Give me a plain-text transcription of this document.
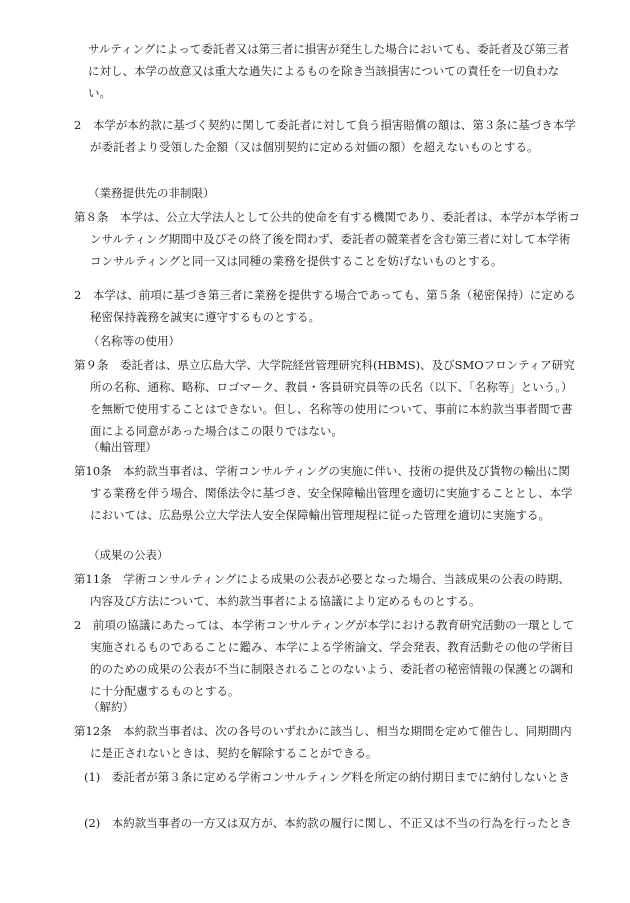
サルティングによって委託者又は第三者に損害が発生した場合においても、委託者及び第三者に対し、本学の故意又は重大な過失によるものを除き当該損害についての責任を一切負わない。
2　本学が本約款に基づく契約に関して委託者に対して負う損害賠償の額は、第３条に基づき本学が委託者より受領した金額（又は個別契約に定める対価の額）を超えないものとする。
（業務提供先の非制限）
第８条　本学は、公立大学法人として公共的使命を有する機関であり、委託者は、本学が本学術コンサルティング期間中及びその終了後を問わず、委託者の競業者を含む第三者に対して本学術コンサルティングと同一又は同種の業務を提供することを妨げないものとする。
2　本学は、前項に基づき第三者に業務を提供する場合であっても、第５条（秘密保持）に定める秘密保持義務を誠実に遵守するものとする。
（名称等の使用）
第９条　委託者は、県立広島大学、大学院経営管理研究科(HBMS)、及びSMOフロンティア研究所の名称、通称、略称、ロゴマーク、教員・客員研究員等の氏名（以下、「名称等」という。）を無断で使用することはできない。但し、名称等の使用について、事前に本約款当事者間で書面による同意があった場合はこの限りではない。
（輸出管理）
第10条　本約款当事者は、学術コンサルティングの実施に伴い、技術の提供及び貨物の輸出に関する業務を伴う場合、関係法令に基づき、安全保障輸出管理を適切に実施することとし、本学においては、広島県公立大学法人安全保障輸出管理規程に従った管理を適切に実施する。
（成果の公表）
第11条　学術コンサルティングによる成果の公表が必要となった場合、当該成果の公表の時期、内容及び方法について、本約款当事者による協議により定めるものとする。
2　前項の協議にあたっては、本学術コンサルティングが本学における教育研究活動の一環として実施されるものであることに鑑み、本学による学術論文、学会発表、教育活動その他の学術目的のための成果の公表が不当に制限されることのないよう、委託者の秘密情報の保護との調和に十分配慮するものとする。
（解約）
第12条　本約款当事者は、次の各号のいずれかに該当し、相当な期間を定めて催告し、同期間内に是正されないときは、契約を解除することができる。
(1)　委託者が第３条に定める学術コンサルティング料を所定の納付期日までに納付しないとき
(2)　本約款当事者の一方又は双方が、本約款の履行に関し、不正又は不当の行為を行ったとき
